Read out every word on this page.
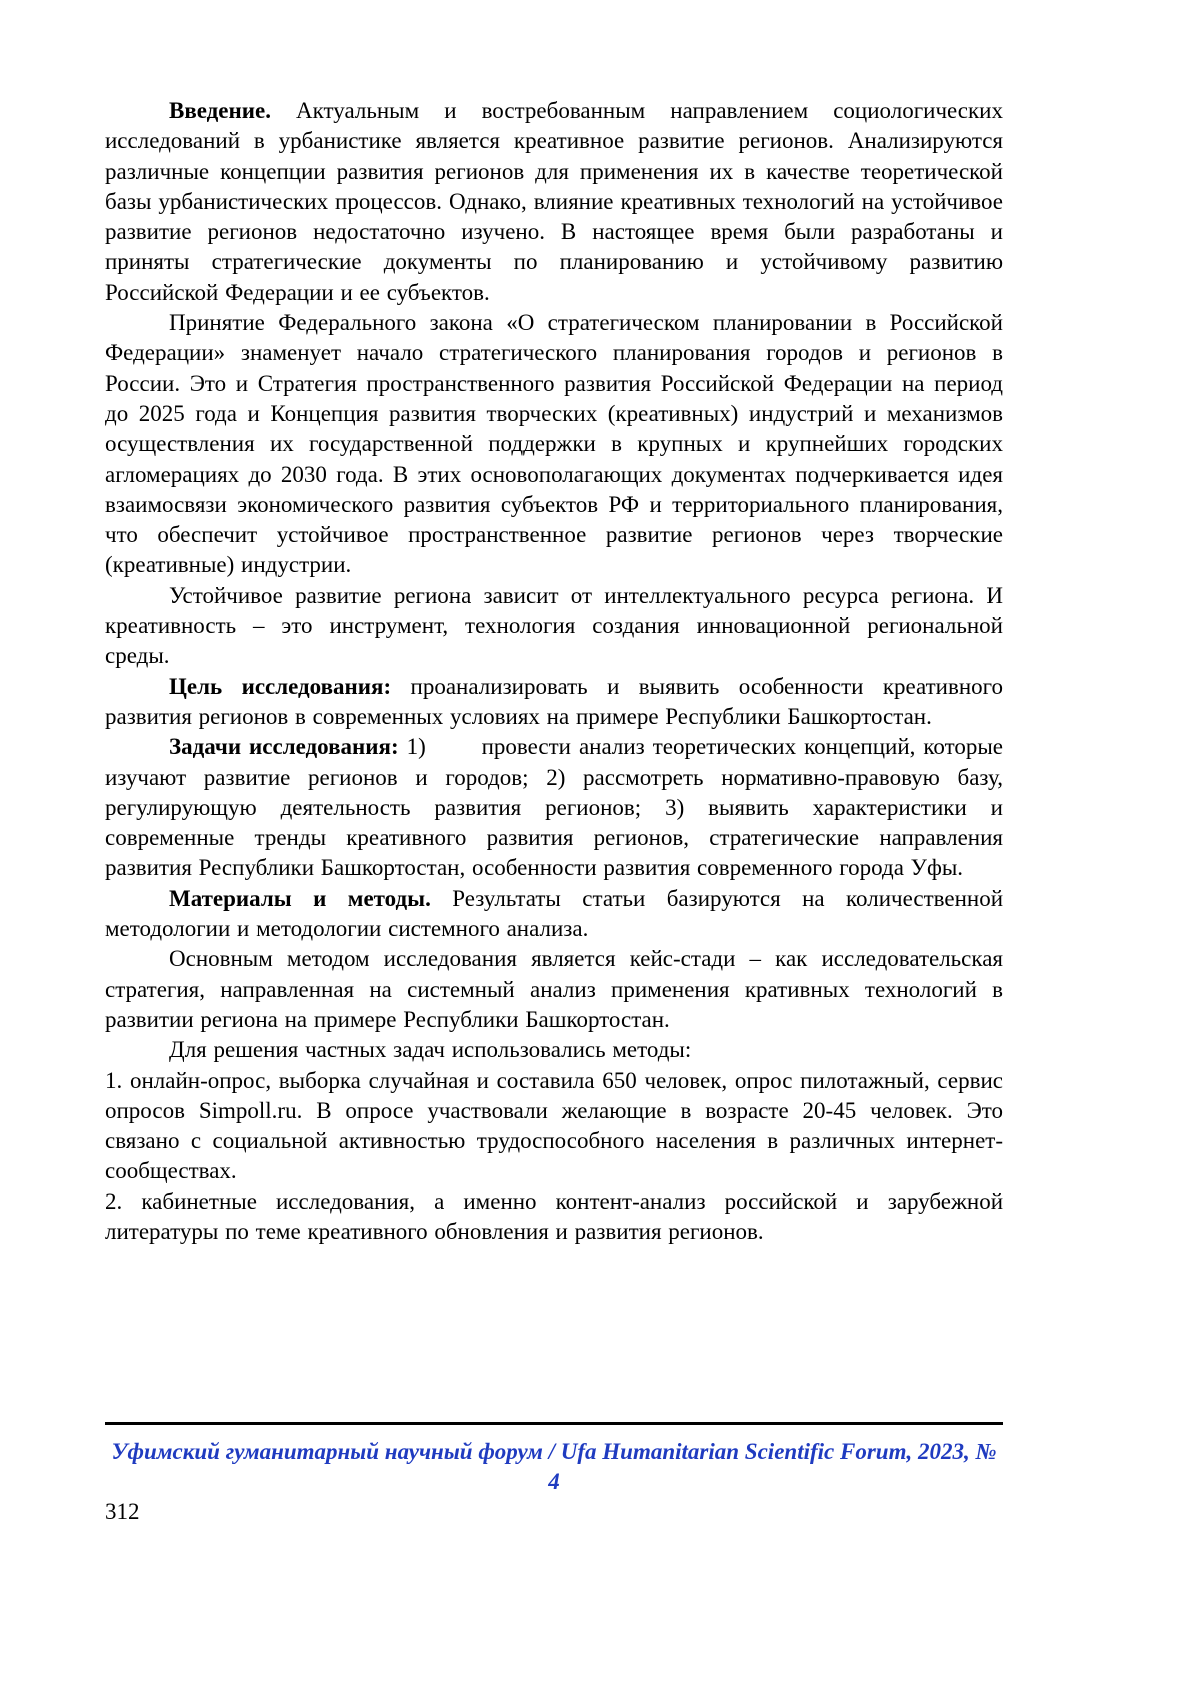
Введение. Актуальным и востребованным направлением социологических исследований в урбанистике является креативное развитие регионов. Анализируются различные концепции развития регионов для применения их в качестве теоретической базы урбанистических процессов. Однако, влияние креативных технологий на устойчивое развитие регионов недостаточно изучено. В настоящее время были разработаны и приняты стратегические документы по планированию и устойчивому развитию Российской Федерации и ее субъектов.

Принятие Федерального закона «О стратегическом планировании в Российской Федерации» знаменует начало стратегического планирования городов и регионов в России. Это и Стратегия пространственного развития Российской Федерации на период до 2025 года и Концепция развития творческих (креативных) индустрий и механизмов осуществления их государственной поддержки в крупных и крупнейших городских агломерациях до 2030 года. В этих основополагающих документах подчеркивается идея взаимосвязи экономического развития субъектов РФ и территориального планирования, что обеспечит устойчивое пространственное развитие регионов через творческие (креативные) индустрии.

Устойчивое развитие региона зависит от интеллектуального ресурса региона. И креативность – это инструмент, технология создания инновационной региональной среды.

Цель исследования: проанализировать и выявить особенности креативного развития регионов в современных условиях на примере Республики Башкортостан.

Задачи исследования: 1)       провести анализ теоретических концепций, которые изучают развитие регионов и городов; 2) рассмотреть нормативно-правовую базу, регулирующую деятельность развития регионов; 3) выявить характеристики и современные тренды креативного развития регионов, стратегические направления развития Республики Башкортостан, особенности развития современного города Уфы.

Материалы и методы. Результаты статьи базируются на количественной методологии и методологии системного анализа.

Основным методом исследования является кейс-стади – как исследовательская стратегия, направленная на системный анализ применения кративных технологий в развитии региона на примере Республики Башкортостан.

Для решения частных задач использовались методы:

1. онлайн-опрос, выборка случайная и составила 650 человек, опрос пилотажный, сервис опросов Simpoll.ru. В опросе участвовали желающие в возрасте 20-45 человек. Это связано с социальной активностью трудоспособного населения в различных интернет-сообществах.

2. кабинетные исследования, а именно контент-анализ российской и зарубежной литературы по теме креативного обновления и развития регионов.

Уфимский гуманитарный научный форум / Ufa Humanitarian Scientific Forum, 2023, № 4
312
